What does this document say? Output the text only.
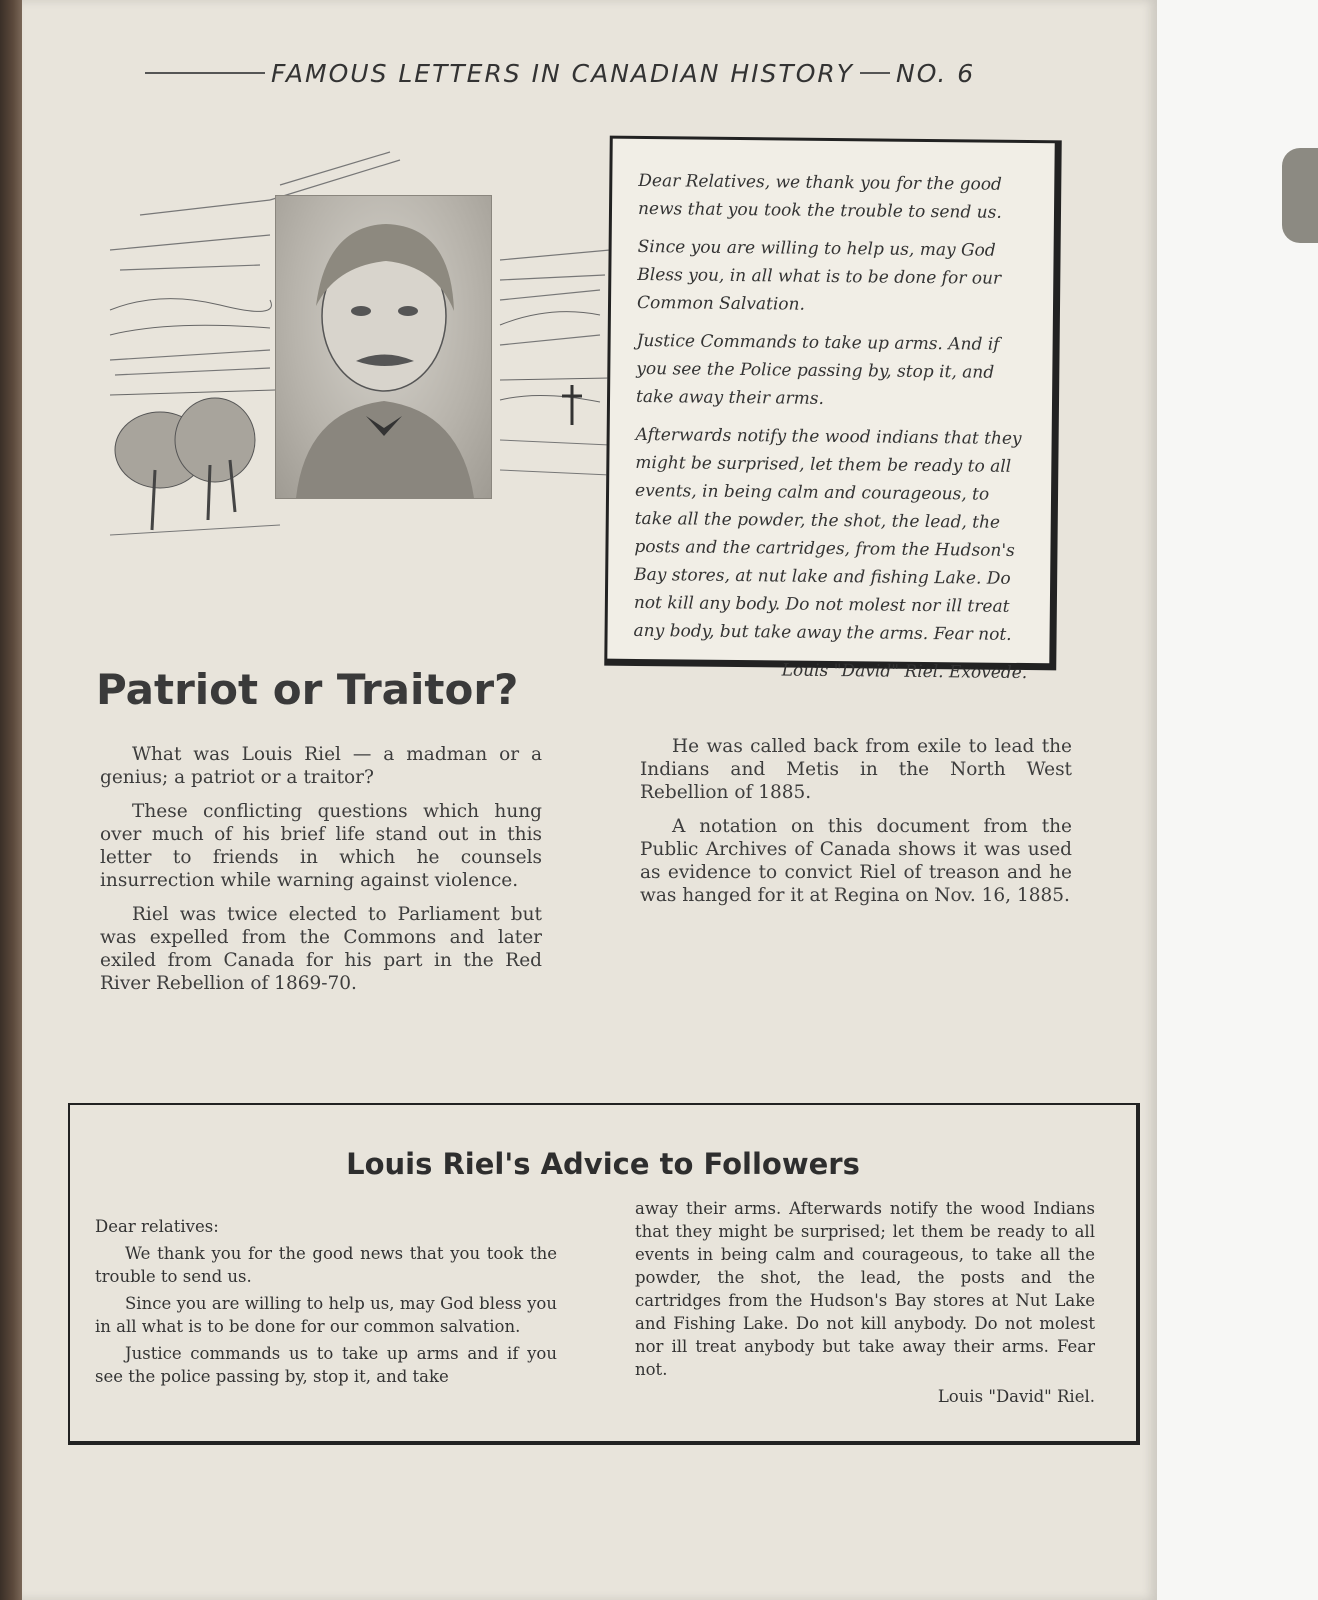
FAMOUS LETTERS IN CANADIAN HISTORY NO. 6

Dear Relatives, we thank you for the good news that you took the trouble to send us.

Since you are willing to help us, may God Bless you, in all what is to be done for our Common Salvation.

Justice Commands to take up arms. And if you see the Police passing by, stop it, and take away their arms.

Afterwards notify the wood indians that they might be surprised, let them be ready to all events, in being calm and courageous, to take all the powder, the shot, the lead, the posts and the cartridges, from the Hudson's Bay stores, at nut lake and fishing Lake. Do not kill any body. Do not molest nor ill treat any body, but take away the arms. Fear not.

Louis "David" Riel. Exovede.
Patriot or Traitor?

What was Louis Riel — a madman or a genius; a patriot or a traitor?

These conflicting questions which hung over much of his brief life stand out in this letter to friends in which he counsels insurrection while warning against violence.

Riel was twice elected to Parliament but was expelled from the Commons and later exiled from Canada for his part in the Red River Rebellion of 1869-70.

He was called back from exile to lead the Indians and Metis in the North West Rebellion of 1885.

A notation on this document from the Public Archives of Canada shows it was used as evidence to convict Riel of treason and he was hanged for it at Regina on Nov. 16, 1885.

Louis Riel's Advice to Followers

Dear relatives:

We thank you for the good news that you took the trouble to send us.

Since you are willing to help us, may God bless you in all what is to be done for our common salvation.

Justice commands us to take up arms and if you see the police passing by, stop it, and take

away their arms. Afterwards notify the wood Indians that they might be surprised; let them be ready to all events in being calm and courageous, to take all the powder, the shot, the lead, the posts and the cartridges from the Hudson's Bay stores at Nut Lake and Fishing Lake. Do not kill anybody. Do not molest nor ill treat anybody but take away their arms. Fear not.

Louis "David" Riel.
